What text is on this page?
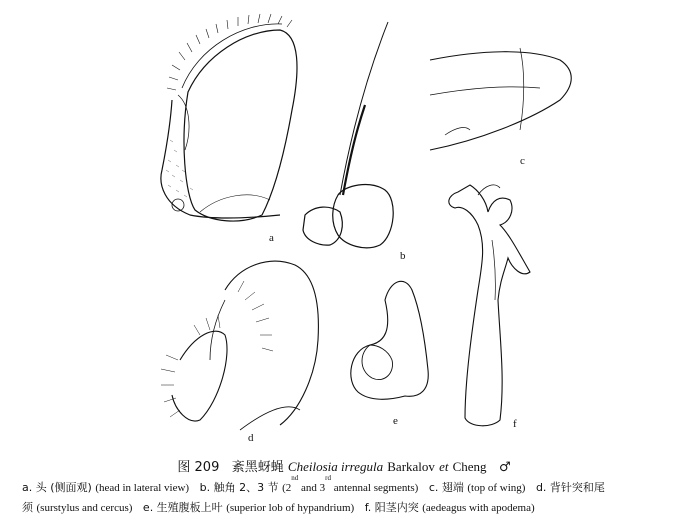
a
b
c
d
e	f
图 209 紊黑蚜蝇 Cheilosia irregula Barkalov et Cheng ♂
a. 头 (侧面观) (head in lateral view) b. 触角 2、3 节 (2nd and 3rd antennal segments) c. 翅端 (top of wing) d. 背针突和尾
须 (surstylus and cercus) e. 生殖腹板上叶 (superior lob of hypandrium) f. 阳茎内突 (aedeagus with apodema)
